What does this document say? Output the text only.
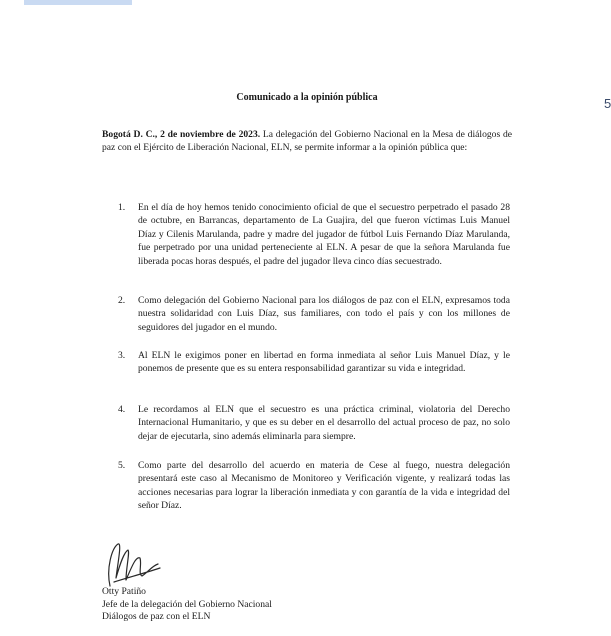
5
Comunicado a la opinión pública

Bogotá D. C., 2 de noviembre de 2023. La delegación del Gobierno Nacional en la Mesa de diálogos de paz con el Ejército de Liberación Nacional, ELN, se permite informar a la opinión pública que:

1.	En el día de hoy hemos tenido conocimiento oficial de que el secuestro perpetrado el pasado 28 de octubre, en Barrancas, departamento de La Guajira, del que fueron víctimas Luis Manuel Díaz y Cilenis Marulanda, padre y madre del jugador de fútbol Luis Fernando Díaz Marulanda, fue perpetrado por una unidad perteneciente al ELN. A pesar de que la señora Marulanda fue liberada pocas horas después, el padre del jugador lleva cinco días secuestrado.

2.	Como delegación del Gobierno Nacional para los diálogos de paz con el ELN, expresamos toda nuestra solidaridad con Luis Díaz, sus familiares, con todo el país y con los millones de seguidores del jugador en el mundo.

3.	Al ELN le exigimos poner en libertad en forma inmediata al señor Luis Manuel Díaz, y le ponemos de presente que es su entera responsabilidad garantizar su vida e integridad.

4.	Le recordamos al ELN que el secuestro es una práctica criminal, violatoria del Derecho Internacional Humanitario, y que es su deber en el desarrollo del actual proceso de paz, no solo dejar de ejecutarla, sino además eliminarla para siempre.

5.	Como parte del desarrollo del acuerdo en materia de Cese al fuego, nuestra delegación presentará este caso al Mecanismo de Monitoreo y Verificación vigente, y realizará todas las acciones necesarias para lograr la liberación inmediata y con garantía de la vida e integridad del señor Díaz.

Otty Patiño
Jefe de la delegación del Gobierno Nacional
Diálogos de paz con el ELN
